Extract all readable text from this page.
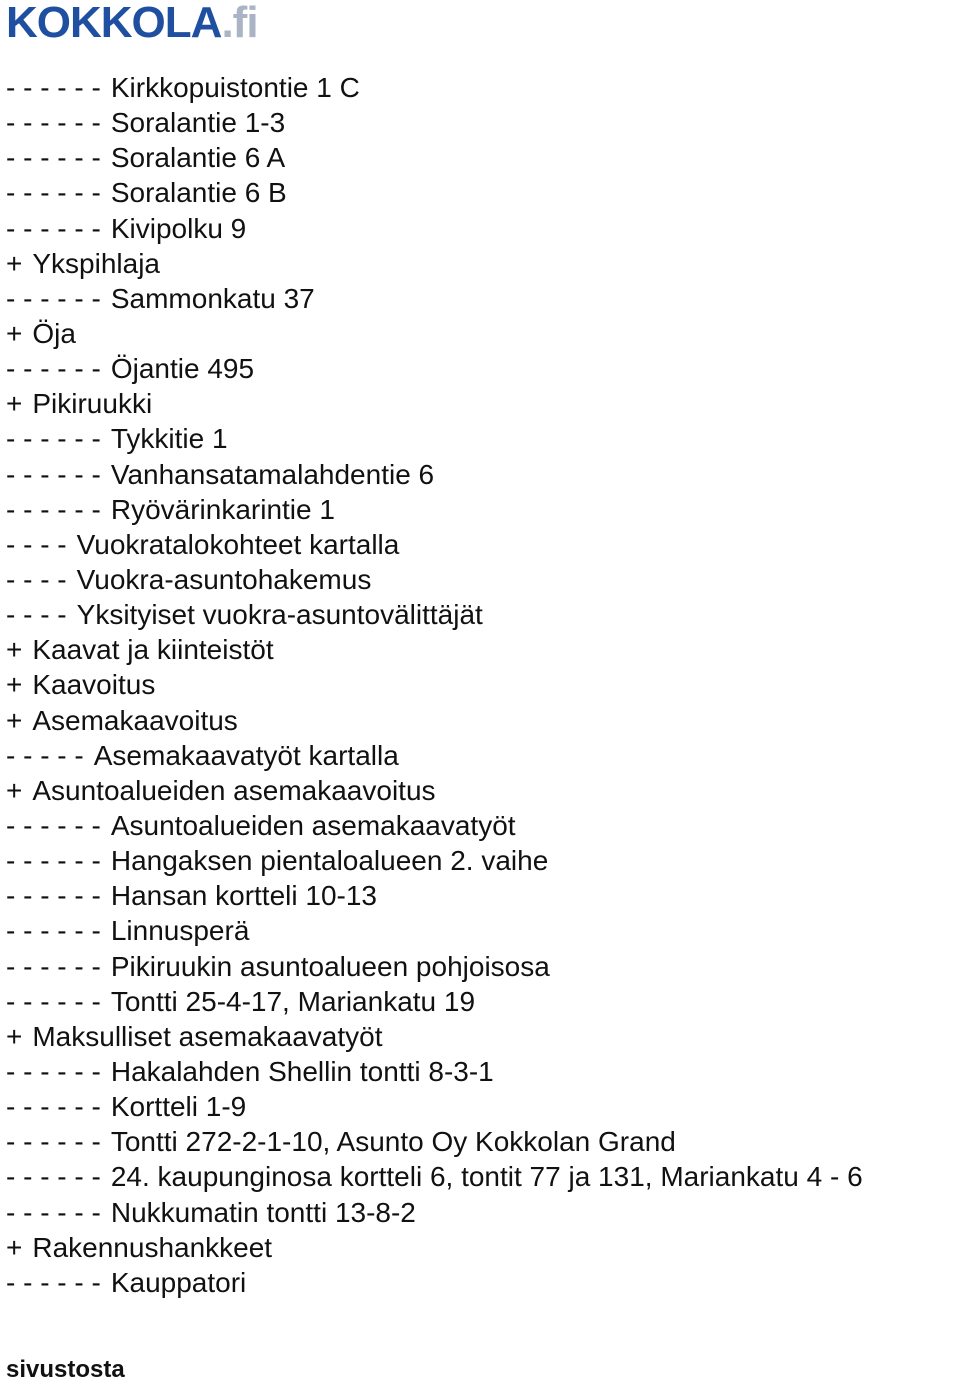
KOKKOLA.fi
- - - - - - Kirkkopuistontie 1 C
- - - - - - Soralantie 1-3
- - - - - - Soralantie 6 A
- - - - - - Soralantie 6 B
- - - - - - Kivipolku 9
+ Ykspihlaja
- - - - - - Sammonkatu 37
+ Öja
- - - - - - Öjantie 495
+ Pikiruukki
- - - - - - Tykkitie 1
- - - - - - Vanhansatamalahdentie 6
- - - - - - Ryövärinkarintie 1
- - - - Vuokratalokohteet kartalla
- - - - Vuokra-asuntohakemus
- - - - Yksityiset vuokra-asuntovälittäjät
+ Kaavat ja kiinteistöt
+ Kaavoitus
+ Asemakaavoitus
- - - - - Asemakaavatyöt kartalla
+ Asuntoalueiden asemakaavoitus
- - - - - - Asuntoalueiden asemakaavatyöt
- - - - - - Hangaksen pientaloalueen 2. vaihe
- - - - - - Hansan kortteli 10-13
- - - - - - Linnusperä
- - - - - - Pikiruukin asuntoalueen pohjoisosa
- - - - - - Tontti 25-4-17, Mariankatu 19
+ Maksulliset asemakaavatyöt
- - - - - - Hakalahden Shellin tontti 8-3-1
- - - - - - Kortteli 1-9
- - - - - - Tontti 272-2-1-10, Asunto Oy Kokkolan Grand
- - - - - - 24. kaupunginosa kortteli 6, tontit 77 ja 131, Mariankatu 4 - 6
- - - - - - Nukkumatin tontti 13-8-2
+ Rakennushankkeet
- - - - - - Kauppatori
sivustosta
